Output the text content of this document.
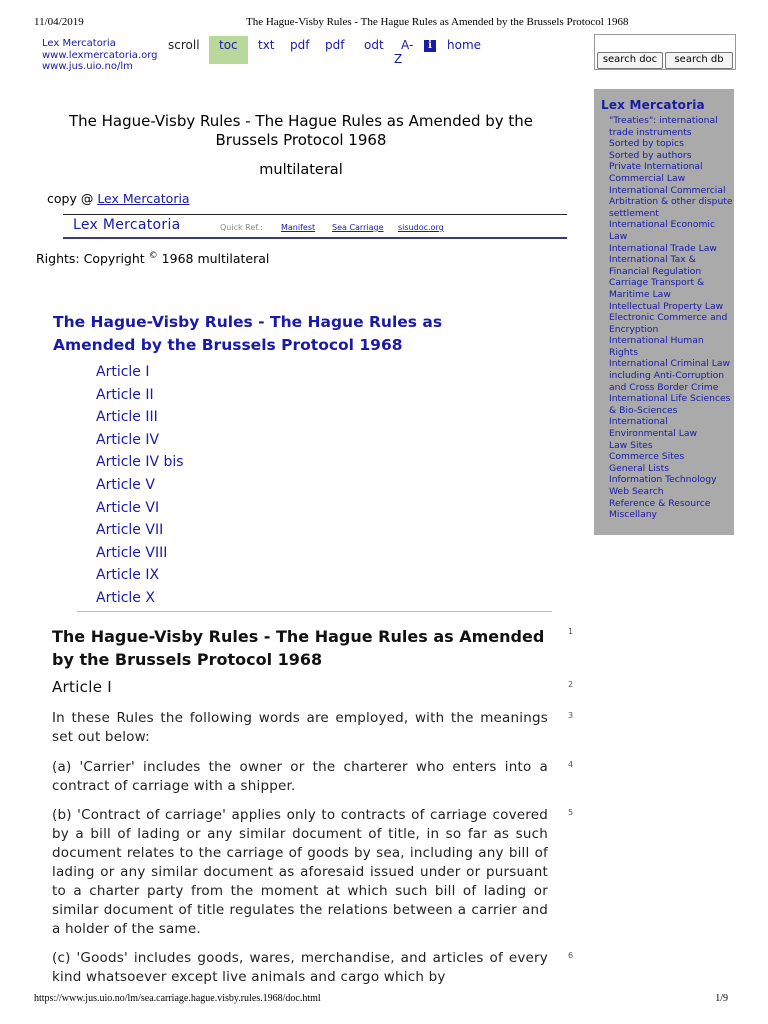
11/04/2019	The Hague-Visby Rules - The Hague Rules as Amended by the Brussels Protocol 1968
Lex Mercatoria
www.lexmercatoria.org
www.jus.uio.no/lm
scroll	toc	txt pdf pdf odt A-
Z
i	home
search doc	search db
Lex Mercatoria
"Treaties": international trade instruments
Sorted by topics
Sorted by authors
Private International Commercial Law
International Commercial Arbitration & other dispute settlement
International Economic Law
International Trade Law
International Tax & Financial Regulation
Carriage Transport & Maritime Law
Intellectual Property Law
Electronic Commerce and Encryption
International Human Rights
International Criminal Law including Anti-Corruption and Cross Border Crime
International Life Sciences & Bio-Sciences
International Environmental Law
Law Sites
Commerce Sites
General Lists
Information Technology
Web Search
Reference & Resource
Miscellany
The Hague-Visby Rules - The Hague Rules as Amended by the Brussels Protocol 1968
multilateral
copy @ Lex Mercatoria
Lex Mercatoria	Quick Ref.: Manifest Sea Carriage sisudoc.org
Rights: Copyright © 1968 multilateral
The Hague-Visby Rules - The Hague Rules as Amended by the Brussels Protocol 1968
Article I
Article II
Article III
Article IV
Article IV bis
Article V
Article VI
Article VII
Article VIII
Article IX
Article X
The Hague-Visby Rules - The Hague Rules as Amended by the Brussels Protocol 1968
1
Article I	2
In these Rules the following words are employed, with the meanings set out below:
3
(a) 'Carrier' includes the owner or the charterer who enters into a contract of carriage with a shipper.
4
(b) 'Contract of carriage' applies only to contracts of carriage covered by a bill of lading or any similar document of title, in so far as such document relates to the carriage of goods by sea, including any bill of lading or any similar document as aforesaid issued under or pursuant to a charter party from the moment at which such bill of lading or similar document of title regulates the relations between a carrier and a holder of the same.
5
(c) 'Goods' includes goods, wares, merchandise, and articles of every kind whatsoever except live animals and cargo which by
6
https://www.jus.uio.no/lm/sea.carriage.hague.visby.rules.1968/doc.html	1/9
